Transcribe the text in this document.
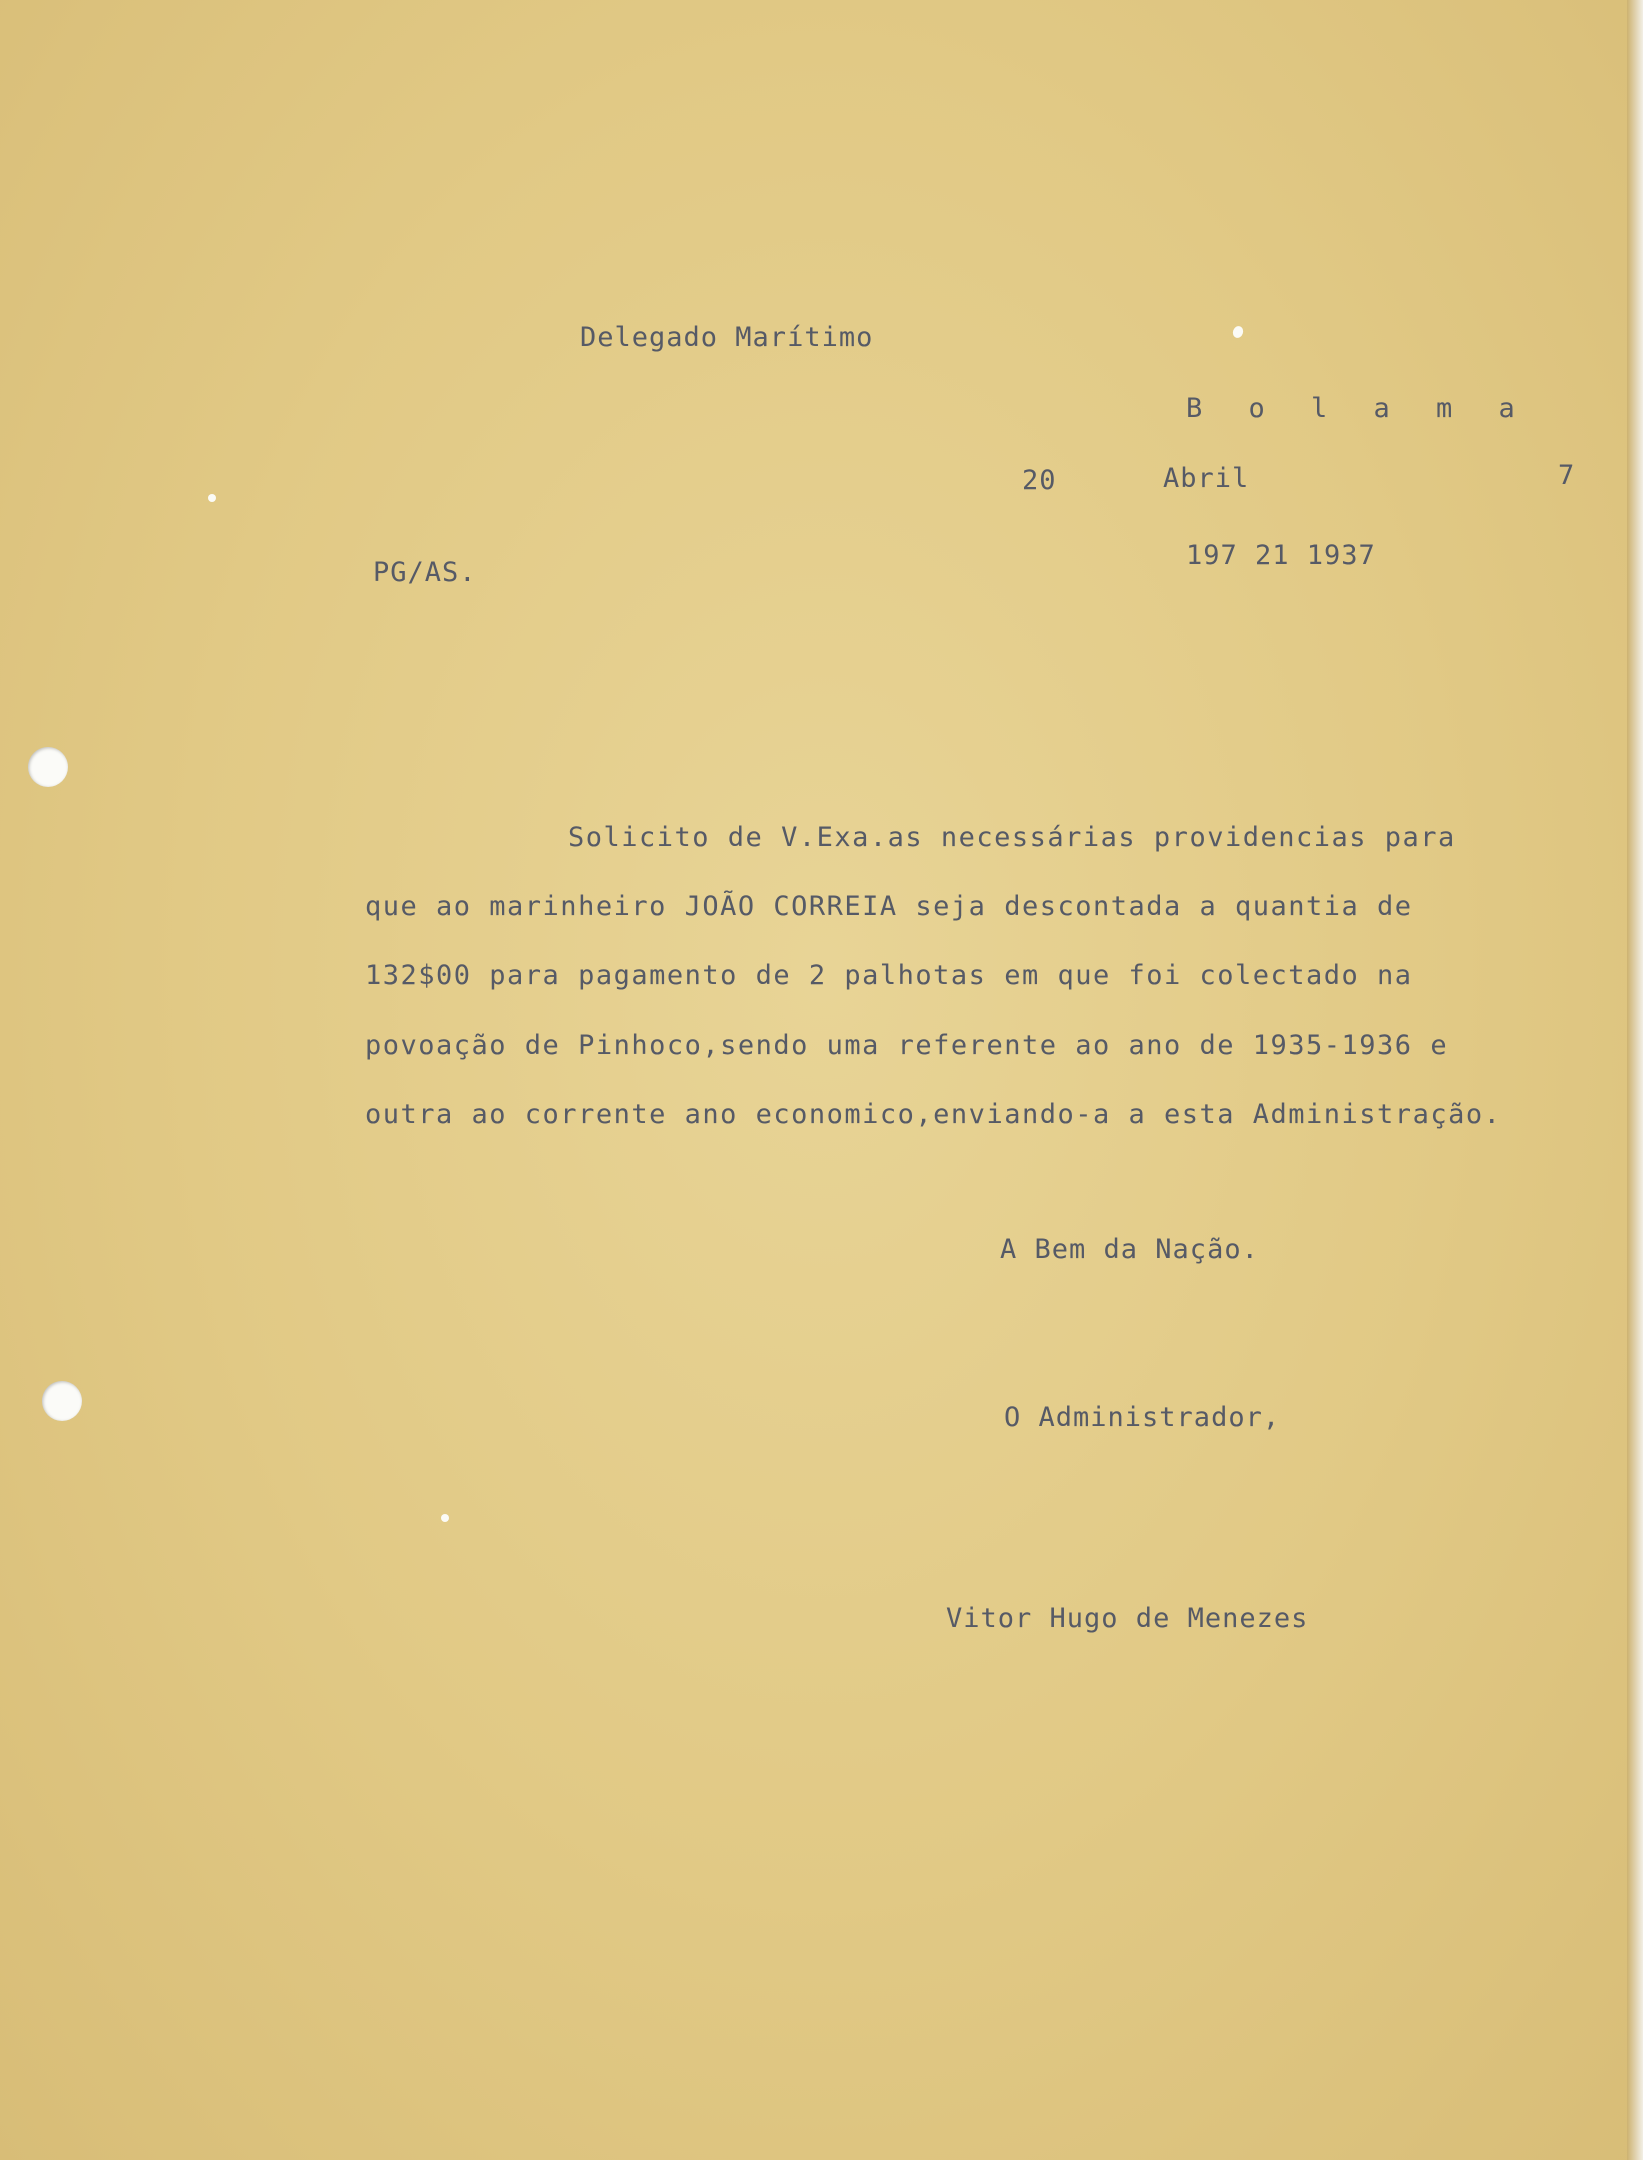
Delegado Marítimo
B o l a m a
20	Abril	7
PG/AS.
197 21 1937
Solicito de V.Exa.as necessárias providencias para
que ao marinheiro JOÃO CORREIA seja descontada a quantia de
132$00 para pagamento de 2 palhotas em que foi colectado na
povoação de Pinhoco,sendo uma referente ao ano de 1935-1936 e
outra ao corrente ano economico,enviando-a a esta Administração.
A Bem da Nação.
O Administrador,
Vitor Hugo de Menezes
